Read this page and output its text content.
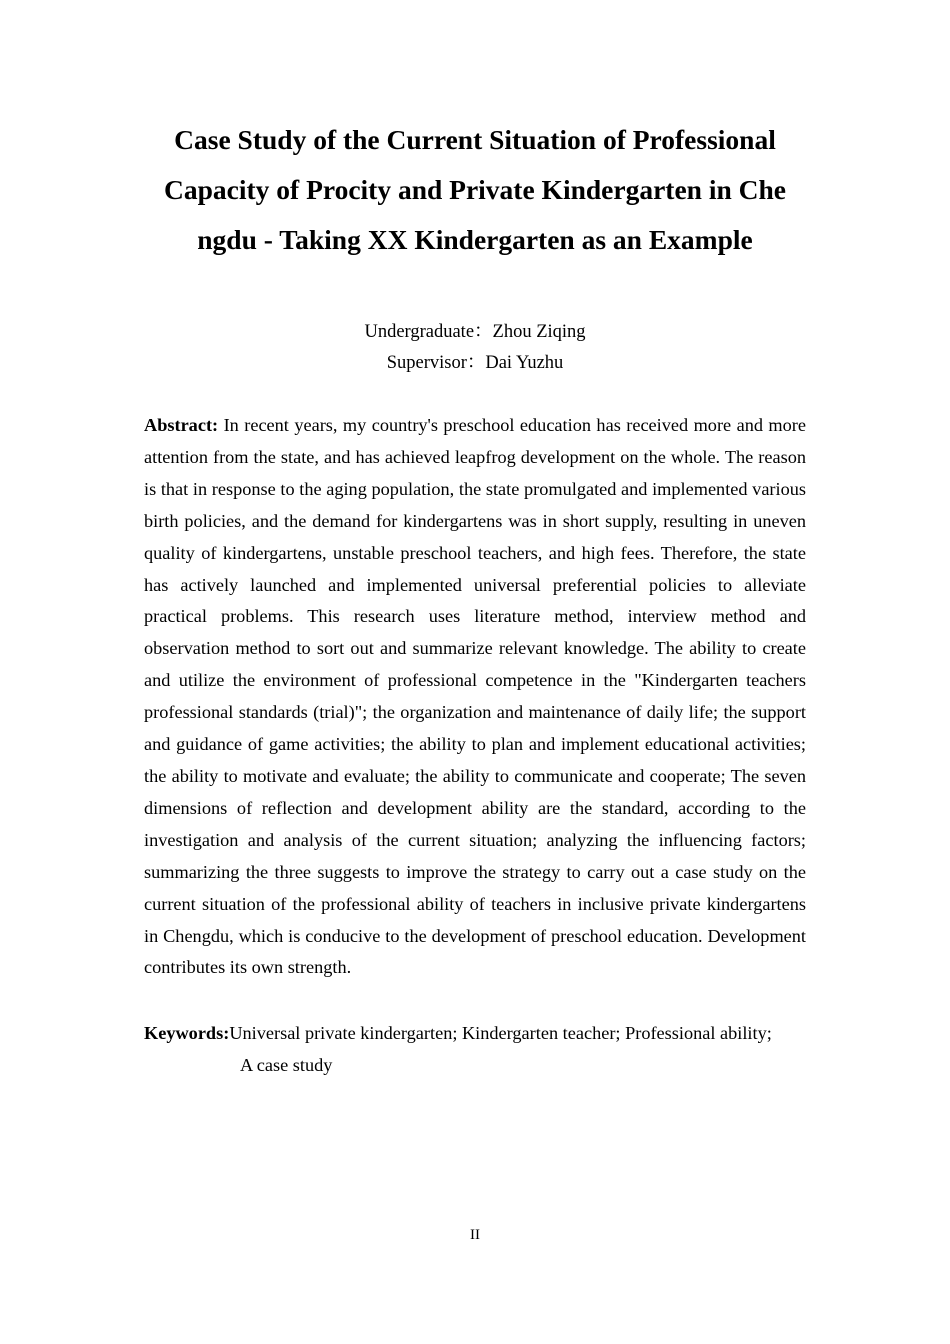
Case Study of the Current Situation of Professional
Capacity of Procity and Private Kindergarten in Che
ngdu - Taking XX Kindergarten as an Example
Undergraduate：Zhou Ziqing
Supervisor：Dai Yuzhu

Abstract: In recent years, my country's preschool education has received more and more attention from the state, and has achieved leapfrog development on the whole. The reason is that in response to the aging population, the state promulgated and implemented various birth policies, and the demand for kindergartens was in short supply, resulting in uneven quality of kindergartens, unstable preschool teachers, and high fees. Therefore, the state has actively launched and implemented universal preferential policies to alleviate practical problems. This research uses literature method, interview method and observation method to sort out and summarize relevant knowledge. The ability to create and utilize the environment of professional competence in the "Kindergarten teachers professional standards (trial)"; the organization and maintenance of daily life; the support and guidance of game activities; the ability to plan and implement educational activities; the ability to motivate and evaluate; the ability to communicate and cooperate; The seven dimensions of reflection and development ability are the standard, according to the investigation and analysis of the current situation; analyzing the influencing factors; summarizing the three suggests to improve the strategy to carry out a case study on the current situation of the professional ability of teachers in inclusive private kindergartens in Chengdu, which is conducive to the development of preschool education. Development contributes its own strength.

Keywords:Universal private kindergarten; Kindergarten teacher; Professional ability;
A case study

II
